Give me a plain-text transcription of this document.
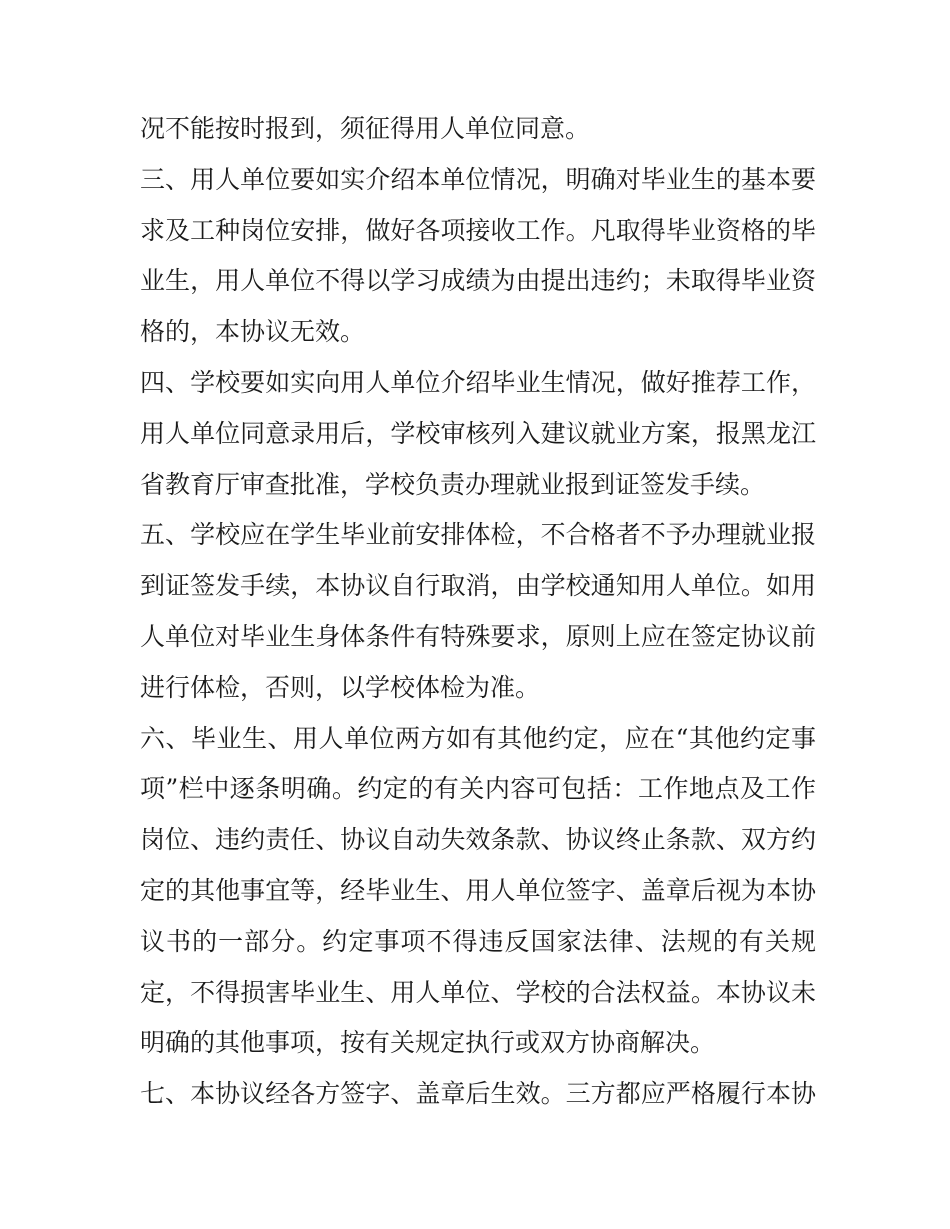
况不能按时报到，须征得用人单位同意。
三、用人单位要如实介绍本单位情况，明确对毕业生的基本要
求及工种岗位安排，做好各项接收工作。凡取得毕业资格的毕
业生，用人单位不得以学习成绩为由提出违约；未取得毕业资
格的，本协议无效。
四、学校要如实向用人单位介绍毕业生情况，做好推荐工作，
用人单位同意录用后，学校审核列入建议就业方案，报黑龙江
省教育厅审查批准，学校负责办理就业报到证签发手续。
五、学校应在学生毕业前安排体检，不合格者不予办理就业报
到证签发手续，本协议自行取消，由学校通知用人单位。如用
人单位对毕业生身体条件有特殊要求，原则上应在签定协议前
进行体检，否则，以学校体检为准。
六、毕业生、用人单位两方如有其他约定，应在“其他约定事
项”栏中逐条明确。约定的有关内容可包括：工作地点及工作
岗位、违约责任、协议自动失效条款、协议终止条款、双方约
定的其他事宜等，经毕业生、用人单位签字、盖章后视为本协
议书的一部分。约定事项不得违反国家法律、法规的有关规
定，不得损害毕业生、用人单位、学校的合法权益。本协议未
明确的其他事项，按有关规定执行或双方协商解决。
七、本协议经各方签字、盖章后生效。三方都应严格履行本协
